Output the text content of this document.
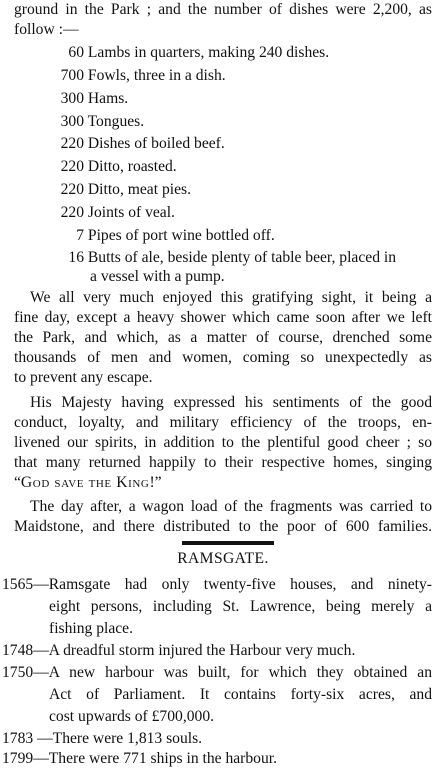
ground in the Park ; and the number of dishes were 2,200, as
follow :—
60 Lambs in quarters, making 240 dishes.
700 Fowls, three in a dish.
300 Hams.
300 Tongues.
220 Dishes of boiled beef.
220 Ditto, roasted.
220 Ditto, meat pies.
220 Joints of veal.
7 Pipes of port wine bottled off.
16 Butts of ale, beside plenty of table beer, placed in
a vessel with a pump.
We all very much enjoyed this gratifying sight, it being a
fine day, except a heavy shower which came soon after we left
the Park, and which, as a matter of course, drenched some
thousands of men and women, coming so unexpectedly as
to prevent any escape.
His Majesty having expressed his sentiments of the good
conduct, loyalty, and military efficiency of the troops, en-
livened our spirits, in addition to the plentiful good cheer ; so
that many returned happily to their respective homes, singing
“God save the King!”
The day after, a wagon load of the fragments was carried to
Maidstone, and there distributed to the poor of 600 families.
RAMSGATE.
1565—Ramsgate had only twenty-five houses, and ninety-
eight persons, including St. Lawrence, being merely a
fishing place.
1748—A dreadful storm injured the Harbour very much.
1750—A new harbour was built, for which they obtained an
Act of Parliament. It contains forty-six acres, and
cost upwards of £700,000.
1783 —There were 1,813 souls.
1799—There were 771 ships in the harbour.
